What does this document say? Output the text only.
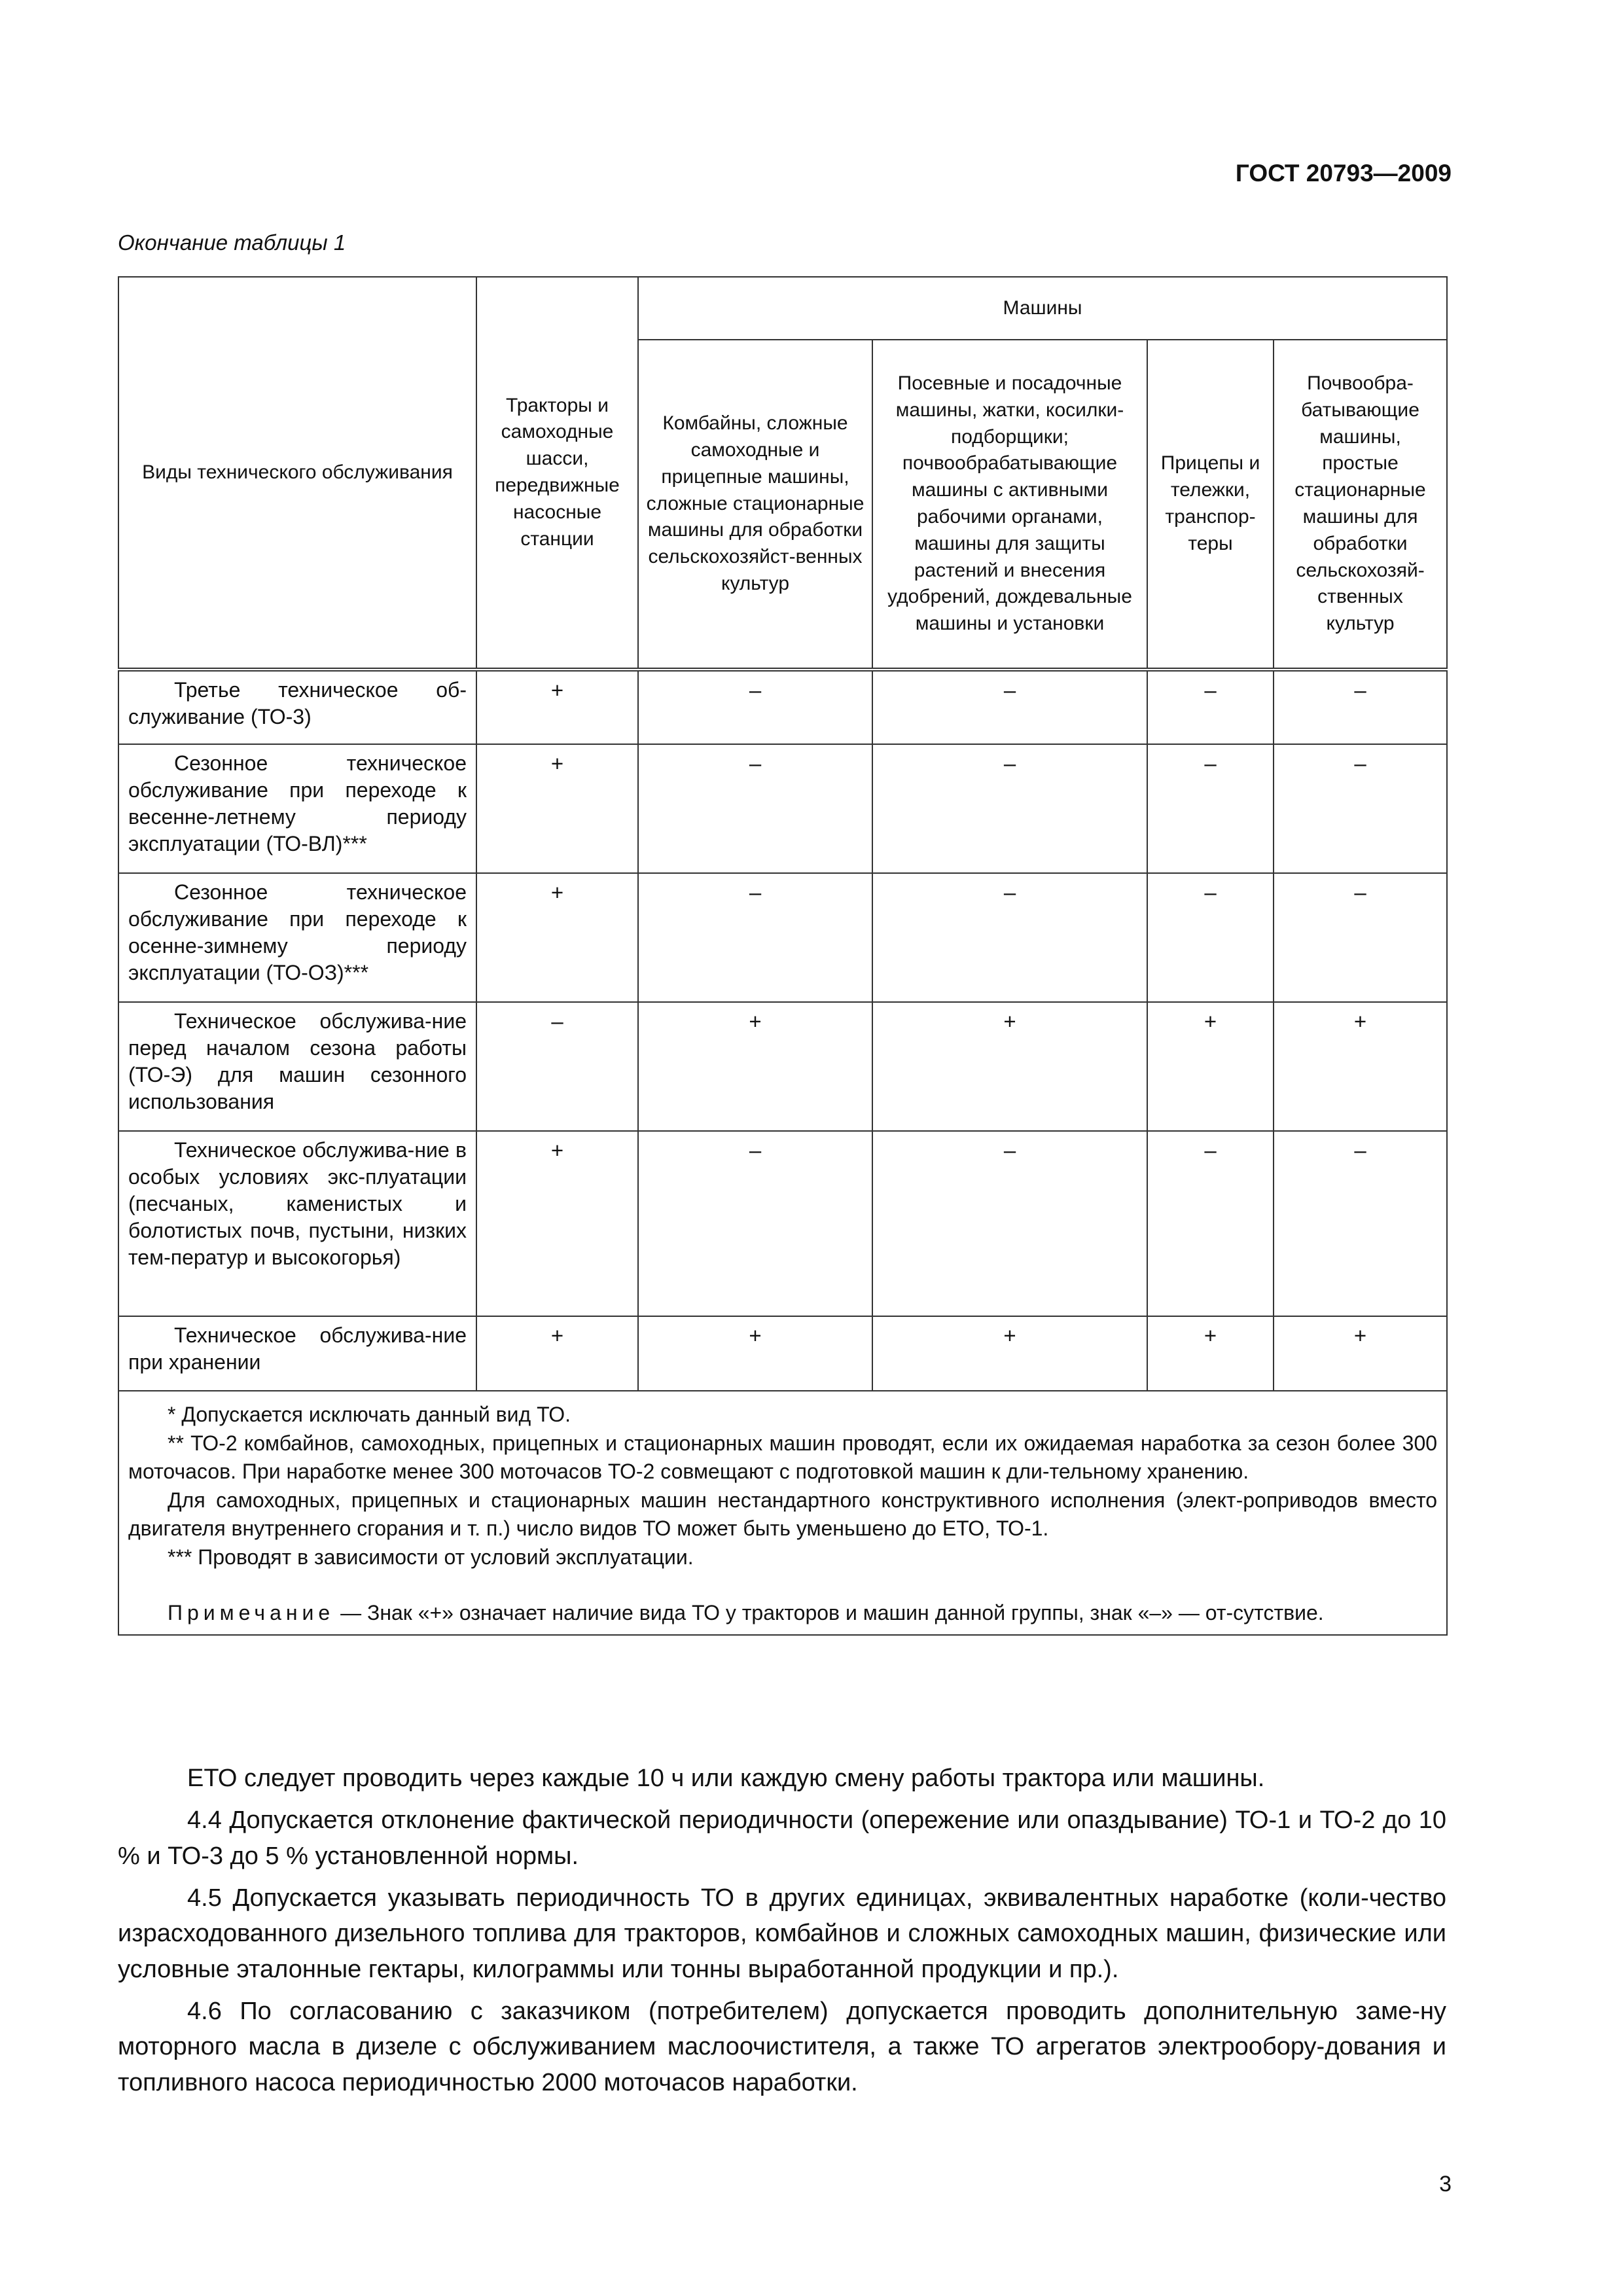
ГОСТ 20793—2009
Окончание таблицы 1
Виды технического обслуживания	Тракторы и самоходные шасси, передвижные насосные станции	Машины			
		Комбайны, сложные самоходные и прицепные машины, сложные стационарные машины для обработки сельскохозяйст-венных культур	Посевные и посадочные машины, жатки, косилки-подборщики; почвообрабатывающие машины с активными рабочими органами, машины для защиты растений и внесения удобрений, дождевальные машины и установки	Прицепы и тележки, транспор-теры	Почвообра-батывающие машины, простые стационарные машины для обработки сельскохозяй-ственных культур
Третье техническое об-служивание (ТО-3)	+	–	–	–	–
Сезонное техническое обслуживание при переходе к весенне-летнему периоду эксплуатации (ТО-ВЛ)***	+	–	–	–	–
Сезонное техническое обслуживание при переходе к осенне-зимнему периоду эксплуатации (ТО-ОЗ)***	+	–	–	–	–
Техническое обслужива-ние перед началом сезона работы (ТО-Э) для машин сезонного использования	–	+	+	+	+
Техническое обслужива-ние в особых условиях экс-плуатации (песчаных, каменистых и болотистых почв, пустыни, низких тем-ператур и высокогорья)	+	–	–	–	–
Техническое обслужива-ние при хранении	+	+	+	+	+

* Допускается исключать данный вид ТО.

** ТО-2 комбайнов, самоходных, прицепных и стационарных машин проводят, если их ожидаемая наработка за сезон более 300 моточасов. При наработке менее 300 моточасов ТО-2 совмещают с подготовкой машин к дли-тельному хранению.

Для самоходных, прицепных и стационарных машин нестандартного конструктивного исполнения (элект-роприводов вместо двигателя внутреннего сгорания и т. п.) число видов ТО может быть уменьшено до ЕТО, ТО-1.

*** Проводят в зависимости от условий эксплуатации.

Примечание — Знак «+» означает наличие вида ТО у тракторов и машин данной группы, знак «–» — от-сутствие.					

ЕТО следует проводить через каждые 10 ч или каждую смену работы трактора или машины.

4.4 Допускается отклонение фактической периодичности (опережение или опаздывание) ТО-1 и ТО-2 до 10 % и ТО-3 до 5 % установленной нормы.

4.5 Допускается указывать периодичность ТО в других единицах, эквивалентных наработке (коли-чество израсходованного дизельного топлива для тракторов, комбайнов и сложных самоходных машин, физические или условные эталонные гектары, килограммы или тонны выработанной продукции и пр.).

4.6 По согласованию с заказчиком (потребителем) допускается проводить дополнительную заме-ну моторного масла в дизеле с обслуживанием маслоочистителя, а также ТО агрегатов электрообору-дования и топливного насоса периодичностью 2000 моточасов наработки.

3
